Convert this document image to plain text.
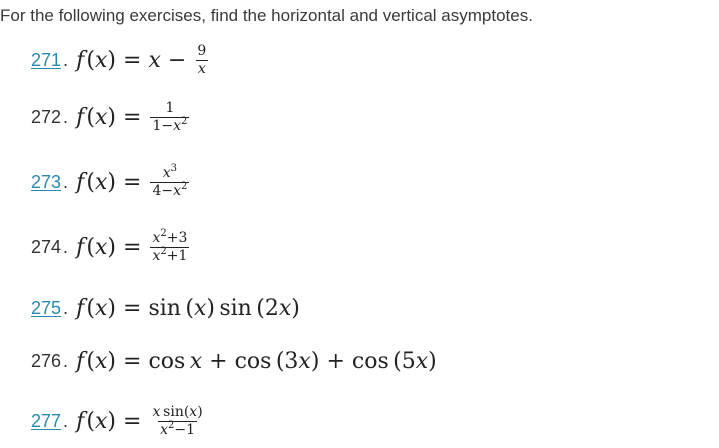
For the following exercises, find the horizontal and vertical asymptotes.
271 . f  ( x ) = $x - \frac{9}{x}$
272 . f  ( x ) = $\frac{1}{1-x^2}$
273 . f  ( x ) = $\frac{x^3}{4-x^2}$
274 . f  ( x ) = $\frac{x^2+3}{x^2+1}$
275 . f  ( x ) = sin  ( x )  sin  (2 x )
276 . f  ( x ) = cos
  x + cos  (3 x ) + cos  (5 x )
277 . f  ( x ) = $\frac{\text{x sin(x)}}{x^2-1}$
